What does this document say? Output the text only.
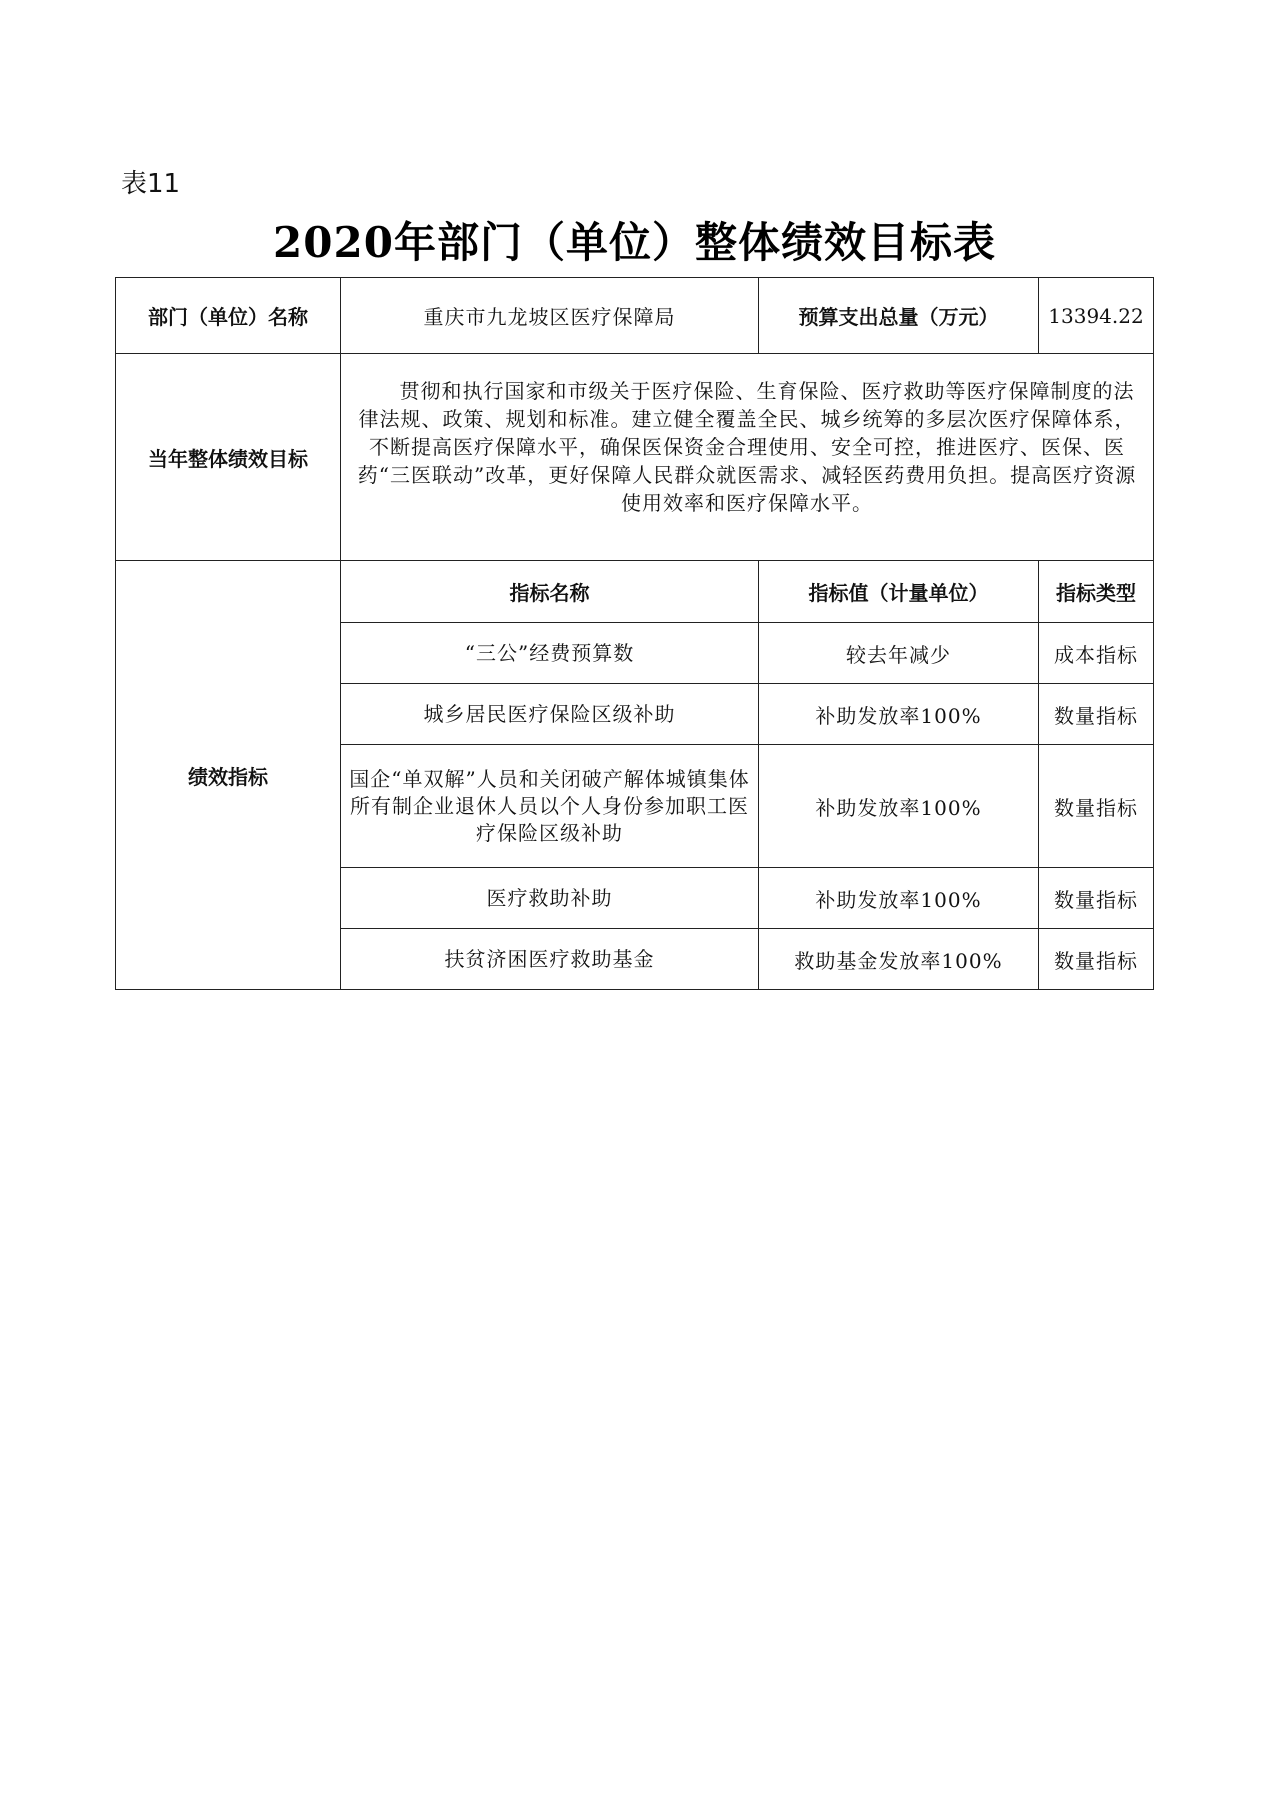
表11
2020年部门（单位）整体绩效目标表
部门（单位）名称	重庆市九龙坡区医疗保障局	预算支出总量（万元）	13394.22
当年整体绩效目标	贯彻和执行国家和市级关于医疗保险、生育保险、医疗救助等医疗保障制度的法律法规、政策、规划和标准。建立健全覆盖全民、城乡统筹的多层次医疗保障体系，不断提高医疗保障水平，确保医保资金合理使用、安全可控，推进医疗、医保、医药“三医联动”改革，更好保障人民群众就医需求、减轻医药费用负担。提高医疗资源使用效率和医疗保障水平。		
绩效指标	指标名称	指标值（计量单位）	指标类型
	“三公”经费预算数	较去年减少	成本指标
	城乡居民医疗保险区级补助	补助发放率100%	数量指标
	国企“单双解”人员和关闭破产解体城镇集体所有制企业退休人员以个人身份参加职工医疗保险区级补助	补助发放率100%	数量指标
	医疗救助补助	补助发放率100%	数量指标
	扶贫济困医疗救助基金	救助基金发放率100%	数量指标
